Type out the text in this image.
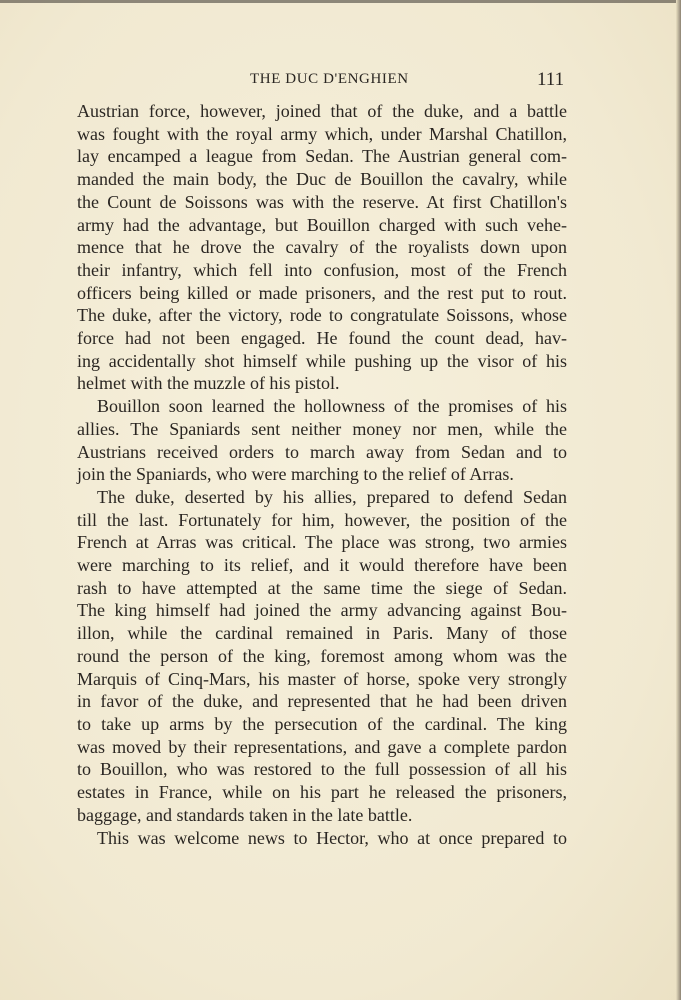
THE DUC D'ENGHIEN	111
Austrian force, however, joined that of the duke, and a battle
was fought with the royal army which, under Marshal Chatillon,
lay encamped a league from Sedan. The Austrian general com-
manded the main body, the Duc de Bouillon the cavalry, while
the Count de Soissons was with the reserve. At first Chatillon's
army had the advantage, but Bouillon charged with such vehe-
mence that he drove the cavalry of the royalists down upon
their infantry, which fell into confusion, most of the French
officers being killed or made prisoners, and the rest put to rout.
The duke, after the victory, rode to congratulate Soissons, whose
force had not been engaged. He found the count dead, hav-
ing accidentally shot himself while pushing up the visor of his
helmet with the muzzle of his pistol.
Bouillon soon learned the hollowness of the promises of his
allies. The Spaniards sent neither money nor men, while the
Austrians received orders to march away from Sedan and to
join the Spaniards, who were marching to the relief of Arras.
The duke, deserted by his allies, prepared to defend Sedan
till the last. Fortunately for him, however, the position of the
French at Arras was critical. The place was strong, two armies
were marching to its relief, and it would therefore have been
rash to have attempted at the same time the siege of Sedan.
The king himself had joined the army advancing against Bou-
illon, while the cardinal remained in Paris. Many of those
round the person of the king, foremost among whom was the
Marquis of Cinq-Mars, his master of horse, spoke very strongly
in favor of the duke, and represented that he had been driven
to take up arms by the persecution of the cardinal. The king
was moved by their representations, and gave a complete pardon
to Bouillon, who was restored to the full possession of all his
estates in France, while on his part he released the prisoners,
baggage, and standards taken in the late battle.
This was welcome news to Hector, who at once prepared to
